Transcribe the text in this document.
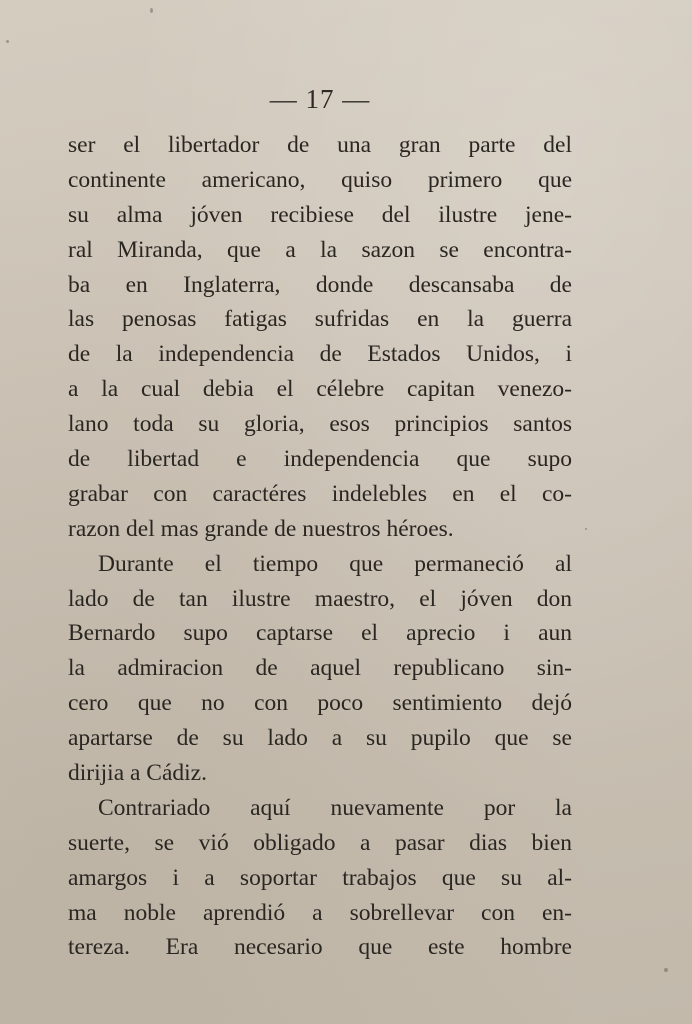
— 17 —
ser el libertador de una gran parte del
continente americano, quiso primero que
su alma jóven recibiese del ilustre jene-
ral Miranda, que a la sazon se encontra-
ba en Inglaterra, donde descansaba de
las penosas fatigas sufridas en la guerra
de la independencia de Estados Unidos, i
a la cual debia el célebre capitan venezo-
lano toda su gloria, esos principios santos
de libertad e independencia que supo
grabar con caractéres indelebles en el co-
razon del mas grande de nuestros héroes.
Durante el tiempo que permaneció al
lado de tan ilustre maestro, el jóven don
Bernardo supo captarse el aprecio i aun
la admiracion de aquel republicano sin-
cero que no con poco sentimiento dejó
apartarse de su lado a su pupilo que se
dirijia a Cádiz.
Contrariado aquí nuevamente por la
suerte, se vió obligado a pasar dias bien
amargos i a soportar trabajos que su al-
ma noble aprendió a sobrellevar con en-
tereza. Era necesario que este hombre
